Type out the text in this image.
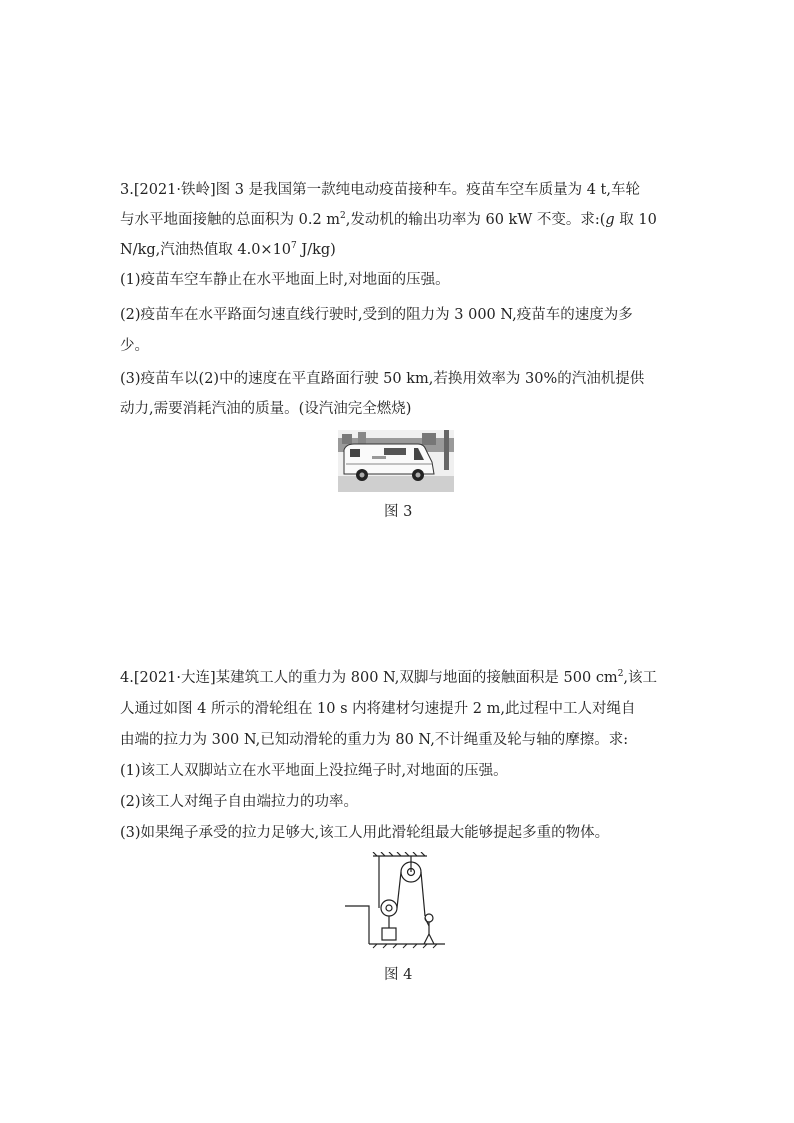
3.[2021·铁岭]图 3 是我国第一款纯电动疫苗接种车。疫苗车空车质量为 4 t,车轮
与水平地面接触的总面积为 0.2 $m^2$,发动机的输出功率为 60 kW 不变。求:(g 取 10
N/kg,汽油热值取 $4.0\times 10^7$ J/kg)
(1)疫苗车空车静止在水平地面上时,对地面的压强。
(2)疫苗车在水平路面匀速直线行驶时,受到的阻力为 3 000 N,疫苗车的速度为多
少。
(3)疫苗车以(2)中的速度在平直路面行驶 50 km,若换用效率为 30%的汽油机提供
动力,需要消耗汽油的质量。(设汽油完全燃烧)
图 3
4.[2021·大连]某建筑工人的重力为 800 N,双脚与地面的接触面积是 500 $cm^2$,该工
人通过如图 4 所示的滑轮组在 10 s 内将建材匀速提升 2 m,此过程中工人对绳自
由端的拉力为 300 N,已知动滑轮的重力为 80 N,不计绳重及轮与轴的摩擦。求:
(1)该工人双脚站立在水平地面上没拉绳子时,对地面的压强。
(2)该工人对绳子自由端拉力的功率。
(3)如果绳子承受的拉力足够大,该工人用此滑轮组最大能够提起多重的物体。
图 4
